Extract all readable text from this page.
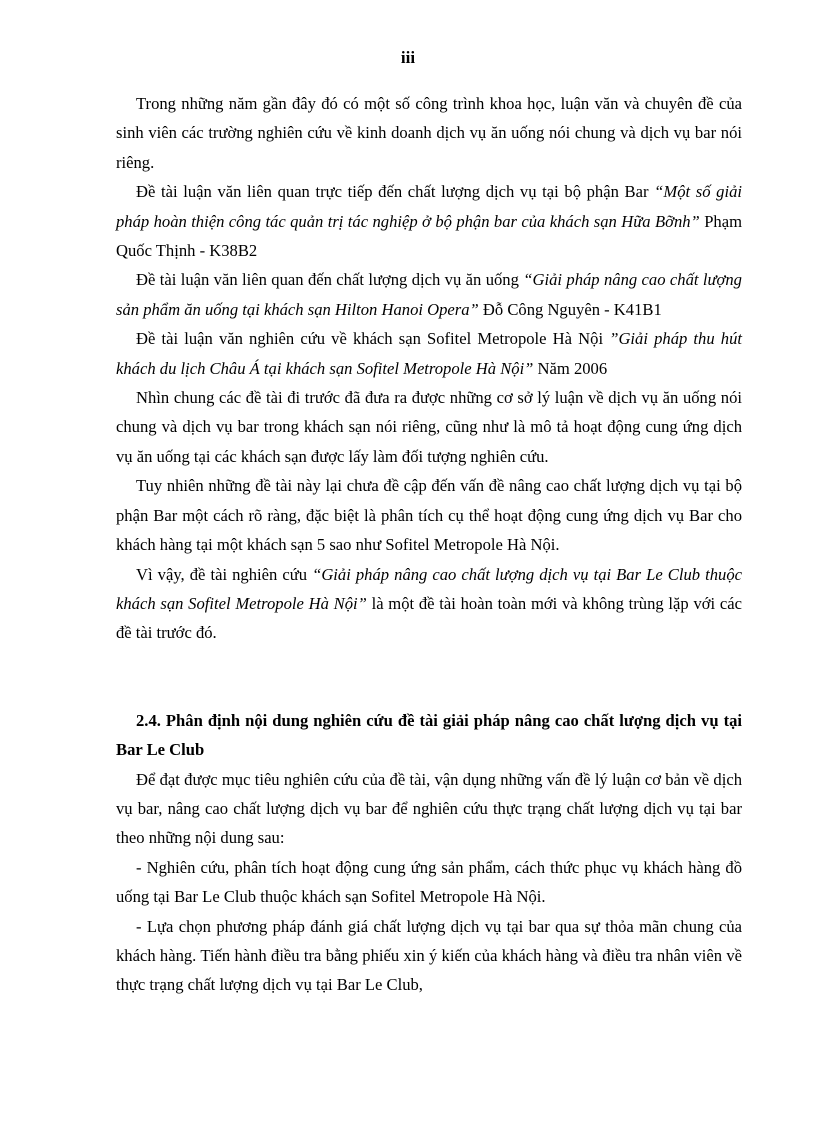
iii

Trong những năm gần đây đó có một số công trình khoa học, luận văn và chuyên đề của sinh viên các trường nghiên cứu về kinh doanh dịch vụ ăn uống nói chung và dịch vụ bar nói riêng.

Đề tài luận văn liên quan trực tiếp đến chất lượng dịch vụ tại bộ phận Bar “Một số giải pháp hoàn thiện công tác quản trị tác nghiệp ở bộ phận bar của khách sạn Hữa Bỡnh” Phạm Quốc Thịnh - K38B2

Đề tài luận văn liên quan đến chất lượng dịch vụ ăn uống “Giải pháp nâng cao chất lượng sản phẩm ăn uống tại khách sạn Hilton Hanoi Opera” Đỗ Công Nguyên - K41B1

Đề tài luận văn nghiên cứu về khách sạn Sofitel Metropole Hà Nội ”Giải pháp thu hút khách du lịch Châu Á tại khách sạn Sofitel Metropole Hà Nội” Năm 2006

Nhìn chung các đề tài đi trước đã đưa ra được những cơ sở lý luận về dịch vụ ăn uống nói chung và dịch vụ bar trong khách sạn nói riêng, cũng như là mô tả hoạt động cung ứng dịch vụ ăn uống tại các khách sạn được lấy làm đối tượng nghiên cứu.

Tuy nhiên những đề tài này lại chưa đề cập đến vấn đề nâng cao chất lượng dịch vụ tại bộ phận Bar một cách rõ ràng, đặc biệt là phân tích cụ thể hoạt động cung ứng dịch vụ Bar cho khách hàng tại một khách sạn 5 sao như Sofitel Metropole Hà Nội.

Vì vậy, đề tài nghiên cứu “Giải pháp nâng cao chất lượng dịch vụ tại Bar Le Club thuộc khách sạn Sofitel Metropole Hà Nội” là một đề tài hoàn toàn mới và không trùng lặp với các đề tài trước đó.

2.4. Phân định nội dung nghiên cứu đề tài giải pháp nâng cao chất lượng dịch vụ tại Bar Le Club

Để đạt được mục tiêu nghiên cứu của đề tài, vận dụng những vấn đề lý luận cơ bản về dịch vụ bar, nâng cao chất lượng dịch vụ bar để nghiên cứu thực trạng chất lượng dịch vụ tại bar theo những nội dung sau:

- Nghiên cứu, phân tích hoạt động cung ứng sản phẩm, cách thức phục vụ khách hàng đồ uống tại Bar Le Club thuộc khách sạn Sofitel Metropole Hà Nội.

- Lựa chọn phương pháp đánh giá chất lượng dịch vụ tại bar qua sự thỏa mãn chung của khách hàng. Tiến hành điều tra bằng phiếu xin ý kiến của khách hàng và điều tra nhân viên về thực trạng chất lượng dịch vụ tại Bar Le Club,
